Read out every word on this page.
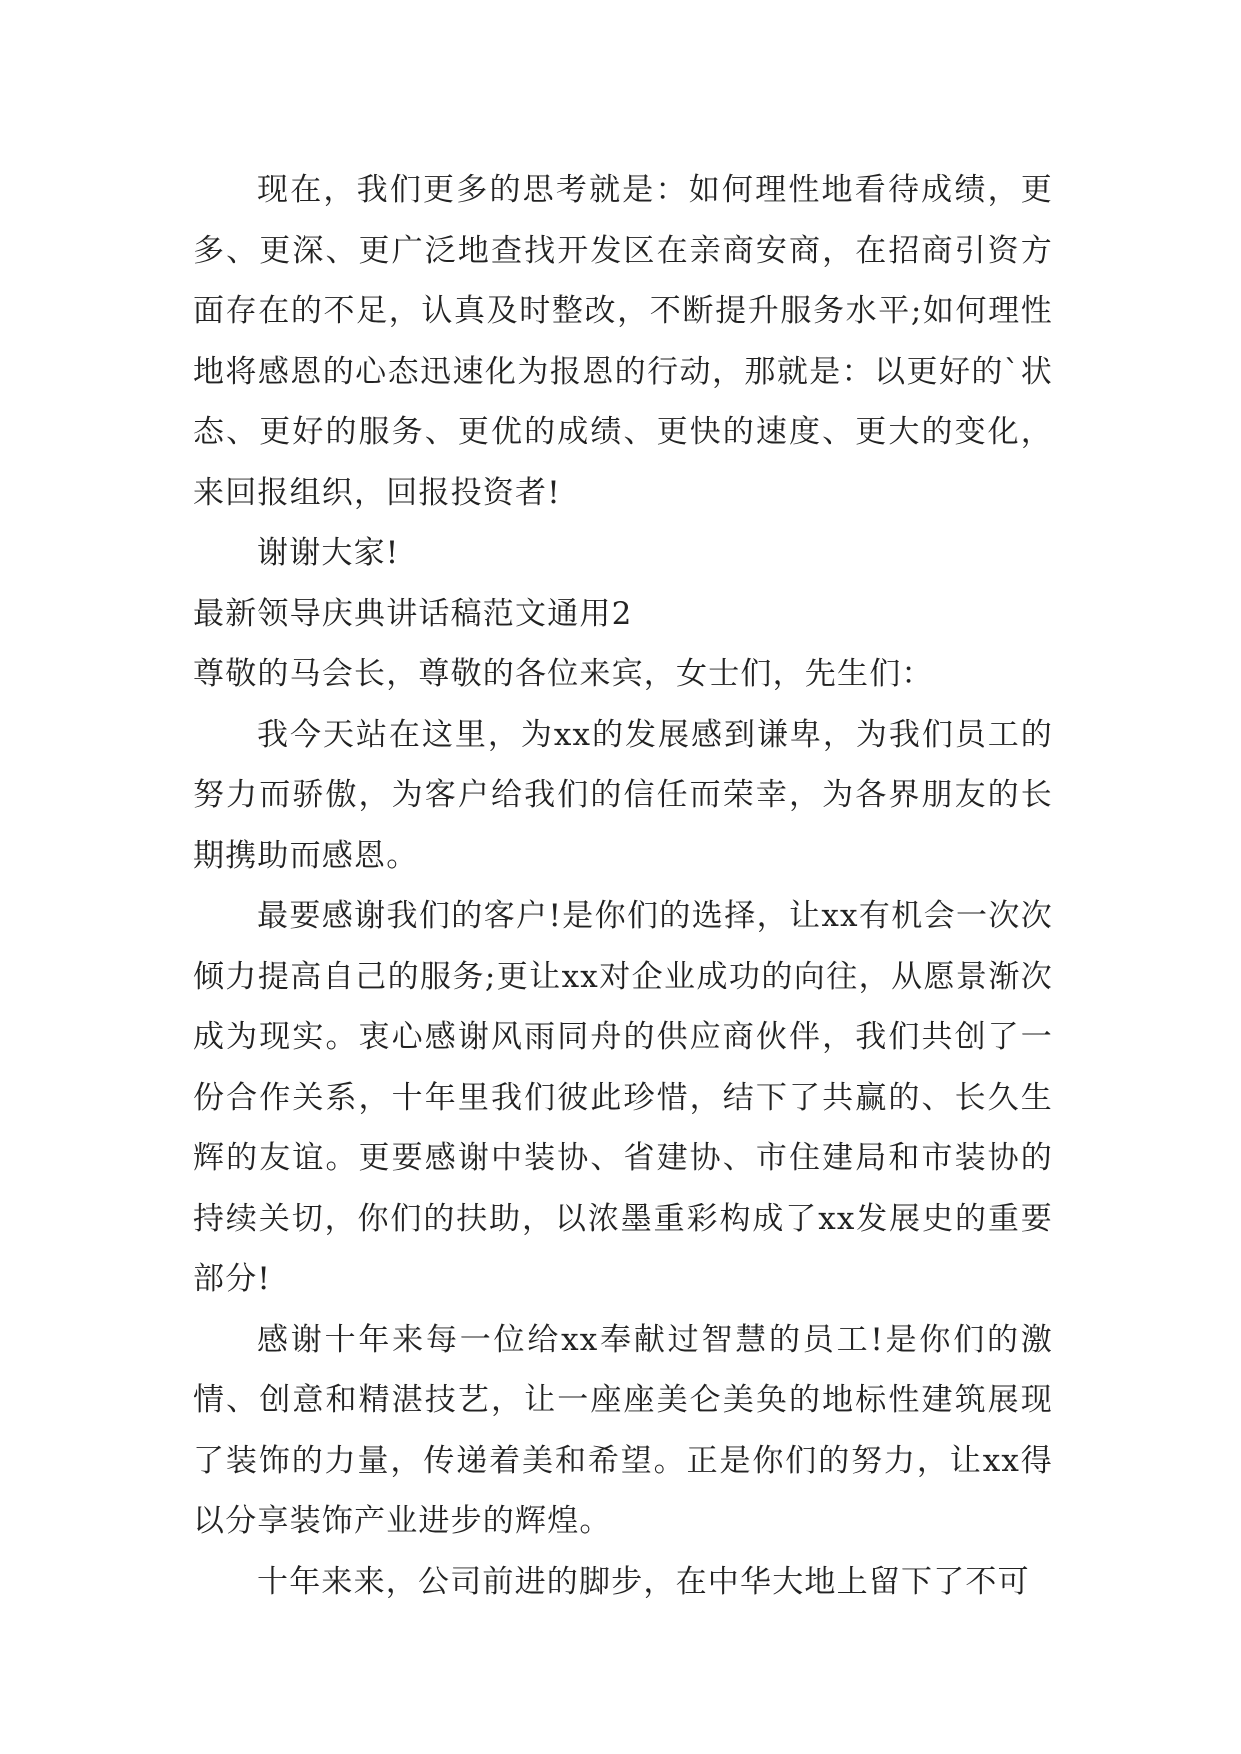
现在，我们更多的思考就是：如何理性地看待成绩，更多、更深、更广泛地查找开发区在亲商安商，在招商引资方面存在的不足，认真及时整改，不断提升服务水平;如何理性地将感恩的心态迅速化为报恩的行动，那就是：以更好的`状态、更好的服务、更优的成绩、更快的速度、更大的变化，来回报组织，回报投资者!

谢谢大家!

最新领导庆典讲话稿范文通用2

尊敬的马会长，尊敬的各位来宾，女士们，先生们：

我今天站在这里，为xx的发展感到谦卑，为我们员工的努力而骄傲，为客户给我们的信任而荣幸，为各界朋友的长期携助而感恩。

最要感谢我们的客户!是你们的选择，让xx有机会一次次倾力提高自己的服务;更让xx对企业成功的向往，从愿景渐次成为现实。衷心感谢风雨同舟的供应商伙伴，我们共创了一份合作关系，十年里我们彼此珍惜，结下了共赢的、长久生辉的友谊。更要感谢中装协、省建协、市住建局和市装协的持续关切，你们的扶助，以浓墨重彩构成了xx发展史的重要部分!

感谢十年来每一位给xx奉献过智慧的员工!是你们的激情、创意和精湛技艺，让一座座美仑美奂的地标性建筑展现了装饰的力量，传递着美和希望。正是你们的努力，让xx得以分享装饰产业进步的辉煌。

十年来来，公司前进的脚步，在中华大地上留下了不可
